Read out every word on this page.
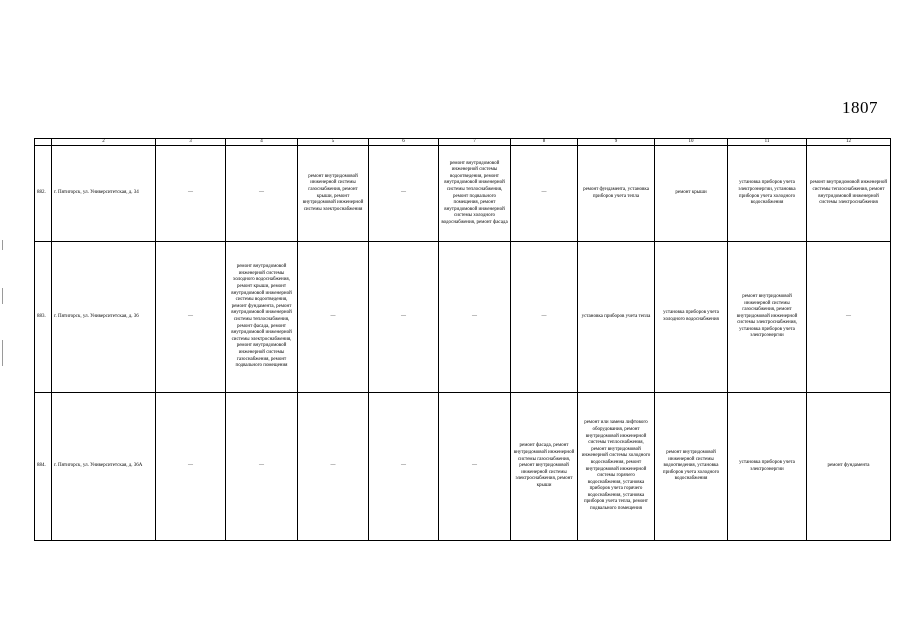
1807
	2	3	4	5	6	7	8	9	10	11	12
882.	г. Пятигорск, ул. Университетская, д. 34	—	—	ремонт внутридомовой инженерной системы газоснабжения, ремонт крыши, ремонт внутридомовой инженерной системы электроснабжения	—	ремонт внутридомовой инженерной системы водоотведения, ремонт внутридомовой инженерной системы теплоснабжения, ремонт подвального помещения, ремонт внутридомовой инженерной системы холодного водоснабжения, ремонт фасада	—	ремонт фундамента, установка приборов учета тепла	ремонт крыши	установка приборов учета электроэнергии, установка приборов учета холодного водоснабжения	ремонт внутридомовой инженерной системы теплоснабжения, ремонт внутридомовой инженерной системы электроснабжения
883.	г. Пятигорск, ул. Университетская, д. 36	—	ремонт внутридомовой инженерной системы холодного водоснабжения, ремонт крыши, ремонт внутридомовой инженерной системы водоотведения, ремонт фундамента, ремонт внутридомовой инженерной системы теплоснабжения, ремонт фасада, ремонт внутридомовой инженерной системы электроснабжения, ремонт внутридомовой инженерной системы газоснабжения, ремонт подвального помещения	—	—	—	—	установка приборов учета тепла	установка приборов учета холодного водоснабжения	ремонт внутридомовой инженерной системы газоснабжения, ремонт внутридомовой инженерной системы электроснабжения, установка приборов учета электроэнергии	—
884.	г. Пятигорск, ул. Университетская, д. 36А	—	—	—	—	—	ремонт фасада, ремонт внутридомовой инженерной системы газоснабжения, ремонт внутридомовой инженерной системы электроснабжения, ремонт крыши	ремонт или замена лифтового оборудования, ремонт внутридомовой инженерной системы теплоснабжения, ремонт внутридомовой инженерной системы холодного водоснабжения, ремонт внутридомовой инженерной системы горячего водоснабжения, установка приборов учета горячего водоснабжения, установка приборов учета тепла, ремонт подвального помещения	ремонт внутридомовой инженерной системы водоотведения, установка приборов учета холодного водоснабжения	установка приборов учета электроэнергии	ремонт фундамента
